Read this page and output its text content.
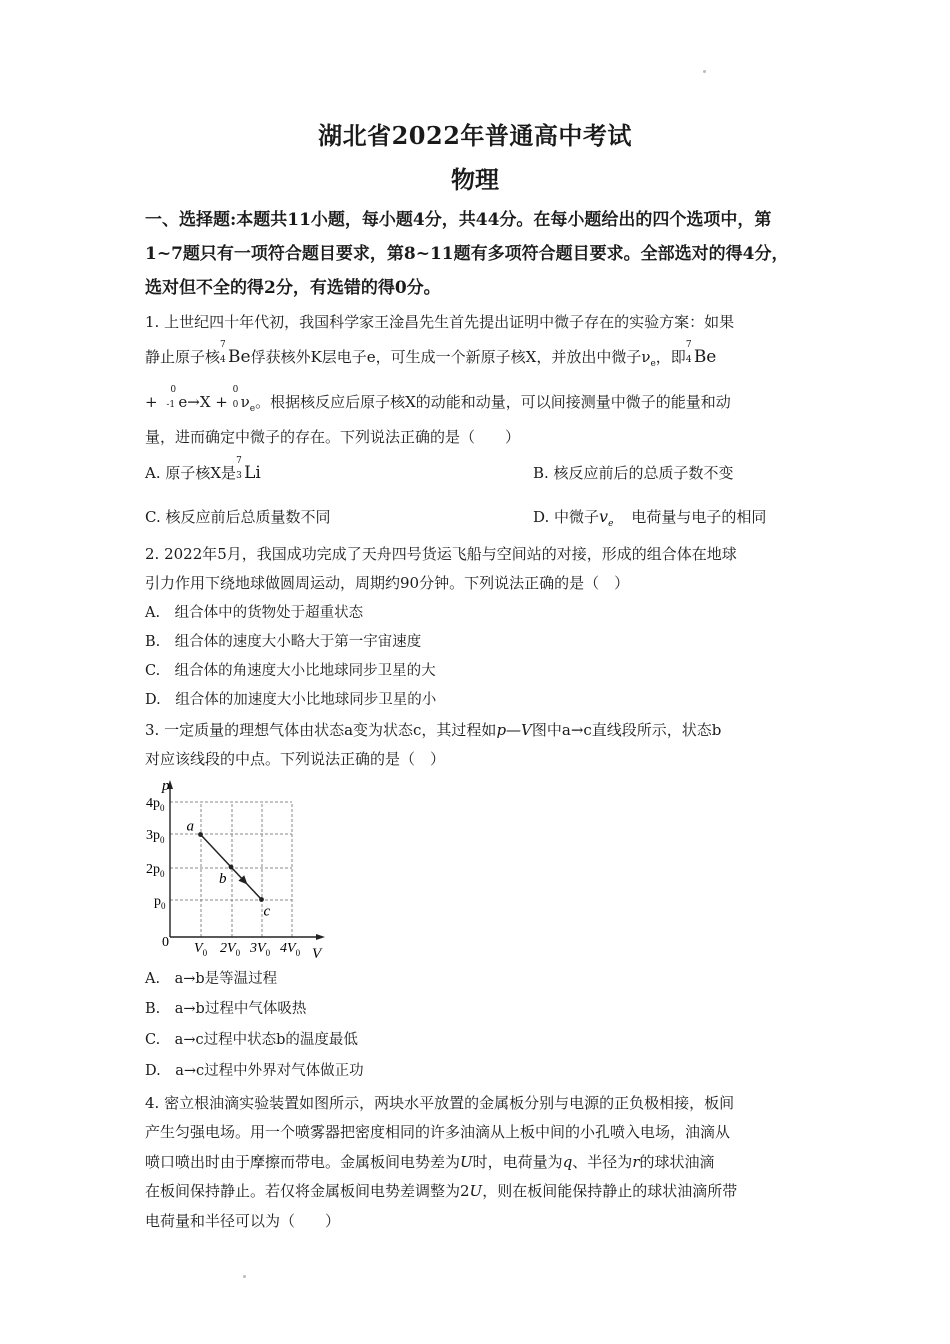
湖北省2022年普通高中考试
物理
一、选择题:本题共11小题，每小题4分，共44分。在每小题给出的四个选项中，第1~7题只有一项符合题目要求，第8~11题有多项符合题目要求。全部选对的得4分，选对但不全的得2分，有选错的得0分。
1. 上世纪四十年代初，我国科学家王淦昌先生首先提出证明中微子存在的实验方案：如果
静止原子核
7
4 Be俘获核外K层电子e，可生成一个新原子核X，并放出中微子$\nu_e$，即
7
4 Be
+
0
-1 e→X +
0
0 $\nu_e$。根据核反应后原子核X的动能和动量，可以间接测量中微子的能量和动
量，进而确定中微子的存在。下列说法正确的是（　　）
A. 原子核X是
7
3 Li	B. 核反应前后的总质子数不变
C. 核反应前后总质量数不同	D. 中微子$v_e$ 电荷量与电子的相同
2. 2022年5月，我国成功完成了天舟四号货运飞船与空间站的对接，形成的组合体在地球
引力作用下绕地球做圆周运动，周期约90分钟。下列说法正确的是（　）
A.　组合体中的货物处于超重状态
B.　组合体的速度大小略大于第一宇宙速度
C.　组合体的角速度大小比地球同步卫星的大
D.　组合体的加速度大小比地球同步卫星的小
3. 一定质量的理想气体由状态a变为状态c，其过程如p—V图中a→c直线段所示，状态b
对应该线段的中点。下列说法正确的是（　）
p
V
0
$4p_0$
$3p_0$
$2p_0$
$p_0$
$V_0$ $2V_0$ $3V_0$ $4V_0$
a
b
c
A.　a→b是等温过程
B.　a→b过程中气体吸热
C.　a→c过程中状态b的温度最低
D.　a→c过程中外界对气体做正功
4. 密立根油滴实验装置如图所示，两块水平放置的金属板分别与电源的正负极相接，板间
产生匀强电场。用一个喷雾器把密度相同的许多油滴从上板中间的小孔喷入电场，油滴从
喷口喷出时由于摩擦而带电。金属板间电势差为U时，电荷量为q、半径为r的球状油滴
在板间保持静止。若仅将金属板间电势差调整为2U，则在板间能保持静止的球状油滴所带
电荷量和半径可以为（　　）
